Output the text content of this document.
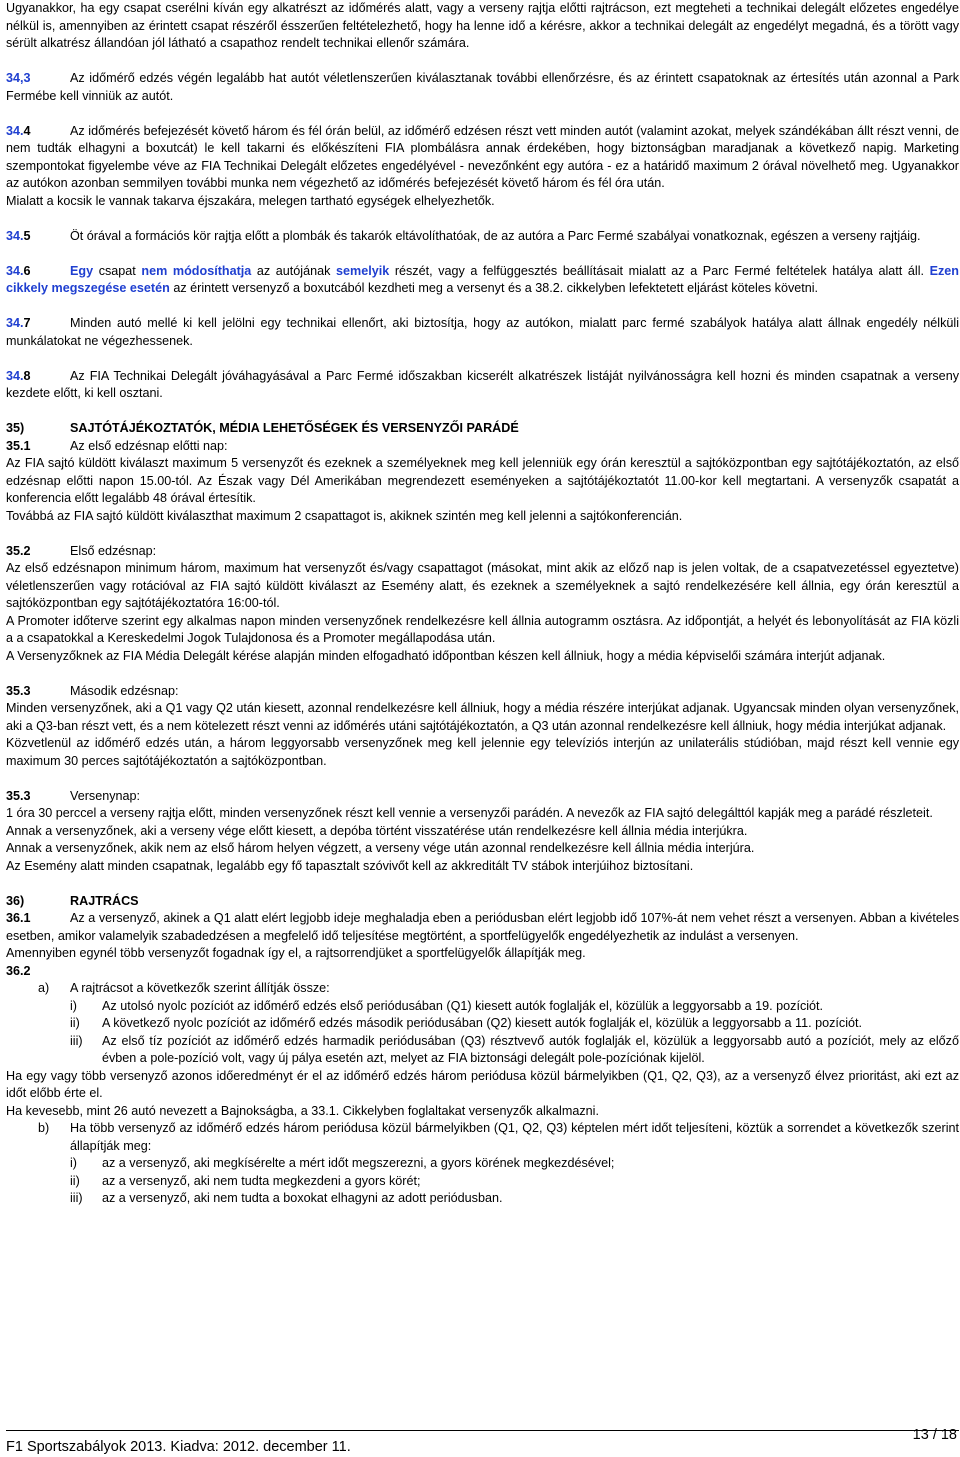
Ugyanakkor, ha egy csapat cserélni kíván egy alkatrészt az időmérés alatt, vagy a verseny rajtja előtti rajtrácson, ezt megteheti a technikai delegált előzetes engedélye nélkül is, amennyiben az érintett csapat részéről ésszerűen feltételezhető, hogy ha lenne idő a kérésre, akkor a technikai delegált az engedélyt megadná, és a törött vagy sérült alkatrész állandóan jól látható a csapathoz rendelt technikai ellenőr számára.

34,3	Az időmérő edzés végén legalább hat autót véletlenszerűen kiválasztanak további ellenőrzésre, és az érintett csapatoknak az értesítés után azonnal a Park Fermébe kell vinniük az autót.

34.4	Az időmérés befejezését követő három és fél órán belül, az időmérő edzésen részt vett minden autót (valamint azokat, melyek szándékában állt részt venni, de nem tudták elhagyni a boxutcát) le kell takarni és előkészíteni FIA plombálásra annak érdekében, hogy biztonságban maradjanak a következő napig. Marketing szempontokat figyelembe véve az FIA Technikai Delegált előzetes engedélyével - nevezőnként egy autóra - ez a határidő maximum 2 órával növelhető meg. Ugyanakkor az autókon azonban semmilyen további munka nem végezhető az időmérés befejezését követő három és fél óra után.

Mialatt a kocsik le vannak takarva éjszakára, melegen tartható egységek elhelyezhetők.

34.5	Öt órával a formációs kör rajtja előtt a plombák és takarók eltávolíthatóak, de az autóra a Parc Fermé szabályai vonatkoznak, egészen a verseny rajtjáig.

34.6	Egy csapat nem módosíthatja az autójának semelyik részét, vagy a felfüggesztés beállításait mialatt az a Parc Fermé feltételek hatálya alatt áll. Ezen cikkely megszegése esetén az érintett versenyző a boxutcából kezdheti meg a versenyt és a 38.2. cikkelyben lefektetett eljárást köteles követni.

34.7	Minden autó mellé ki kell jelölni egy technikai ellenőrt, aki biztosítja, hogy az autókon, mialatt parc fermé szabályok hatálya alatt állnak engedély nélküli munkálatokat ne végezhessenek.

34.8	Az FIA Technikai Delegált jóváhagyásával a Parc Fermé időszakban kicserélt alkatrészek listáját nyilvánosságra kell hozni és minden csapatnak a verseny kezdete előtt, ki kell osztani.

35)	SAJTÓTÁJÉKOZTATÓK, MÉDIA LEHETŐSÉGEK ÉS VERSENYZŐI PARÁDÉ

35.1	Az első edzésnap előtti nap:

Az FIA sajtó küldött kiválaszt maximum 5 versenyzőt és ezeknek a személyeknek meg kell jelenniük egy órán keresztül a sajtóközpontban egy sajtótájékoztatón, az első edzésnap előtti napon 15.00-tól. Az Észak vagy Dél Amerikában megrendezett eseményeken a sajtótájékoztatót 11.00-kor kell megtartani. A versenyzők csapatát a konferencia előtt legalább 48 órával értesítik.

Továbbá az FIA sajtó küldött kiválaszthat maximum 2 csapattagot is, akiknek szintén meg kell jelenni a sajtókonferencián.

35.2	Első edzésnap:

Az első edzésnapon minimum három, maximum hat versenyzőt és/vagy csapattagot (másokat, mint akik az előző nap is jelen voltak, de a csapatvezetéssel egyeztetve) véletlenszerűen vagy rotációval az FIA sajtó küldött kiválaszt az Esemény alatt, és ezeknek a személyeknek a sajtó rendelkezésére kell állnia, egy órán keresztül a sajtóközpontban egy sajtótájékoztatóra 16:00-tól.

A Promoter időterve szerint egy alkalmas napon minden versenyzőnek rendelkezésre kell állnia autogramm osztásra. Az időpontját, a helyét és lebonyolítását az FIA közli a a csapatokkal a Kereskedelmi Jogok Tulajdonosa és a Promoter megállapodása után.

A Versenyzőknek az FIA Média Delegált kérése alapján minden elfogadható időpontban készen kell állniuk, hogy a média képviselői számára interjút adjanak.

35.3	Második edzésnap:

Minden versenyzőnek, aki a Q1 vagy Q2 után kiesett, azonnal rendelkezésre kell állniuk, hogy a média részére interjúkat adjanak. Ugyancsak minden olyan versenyzőnek, aki a Q3-ban részt vett, és a nem kötelezett részt venni az időmérés utáni sajtótájékoztatón, a Q3 után azonnal rendelkezésre kell állniuk, hogy média interjúkat adjanak.

Közvetlenül az időmérő edzés után, a három leggyorsabb versenyzőnek meg kell jelennie egy televíziós interjún az unilaterális stúdióban, majd részt kell vennie egy maximum 30 perces sajtótájékoztatón a sajtóközpontban.

35.3	Versenynap:

1 óra 30 perccel a verseny rajtja előtt, minden versenyzőnek részt kell vennie a versenyzői parádén. A nevezők az FIA sajtó delegálttól kapják meg a parádé részleteit.

Annak a versenyzőnek, aki a verseny vége előtt kiesett, a depóba történt visszatérése után rendelkezésre kell állnia média interjúkra.

Annak a versenyzőnek, akik nem az első három helyen végzett, a verseny vége után azonnal rendelkezésre kell állnia média interjúra.

Az Esemény alatt minden csapatnak, legalább egy fő tapasztalt szóvivőt kell az akkreditált TV stábok interjúihoz biztosítani.

36)	RAJTRÁCS

36.1	Az a versenyző, akinek a Q1 alatt elért legjobb ideje meghaladja eben a periódusban elért legjobb idő 107%-át nem vehet részt a versenyen. Abban a kivételes esetben, amikor valamelyik szabadedzésen a megfelelő idő teljesítése megtörtént, a sportfelügyelők engedélyezhetik az indulást a versenyen.

Amennyiben egynél több versenyzőt fogadnak így el, a rajtsorrendjüket a sportfelügyelők állapítják meg.

36.2

a)	A rajtrácsot a következők szerint állítják össze:
i)	Az utolsó nyolc pozíciót az időmérő edzés első periódusában (Q1) kiesett autók foglalják el, közülük a leggyorsabb a 19. pozíciót.
ii)	A következő nyolc pozíciót az időmérő edzés második periódusában (Q2) kiesett autók foglalják el, közülük a leggyorsabb a 11. pozíciót.
iii)	Az első tíz pozíciót az időmérő edzés harmadik periódusában (Q3) résztvevő autók foglalják el, közülük a leggyorsabb autó a pozíciót, mely az előző évben a pole-pozíció volt, vagy új pálya esetén azt, melyet az FIA biztonsági delegált pole-pozíciónak kijelöl.

Ha egy vagy több versenyző azonos időeredményt ér el az időmérő edzés három periódusa közül bármelyikben (Q1, Q2, Q3), az a versenyző élvez prioritást, aki ezt az időt előbb érte el.

Ha kevesebb, mint 26 autó nevezett a Bajnokságba, a 33.1. Cikkelyben foglaltakat versenyzők alkalmazni.

b)	Ha több versenyző az időmérő edzés három periódusa közül bármelyikben (Q1, Q2, Q3) képtelen mért időt teljesíteni, köztük a sorrendet a következők szerint állapítják meg:
i)	az a versenyző, aki megkísérelte a mért időt megszerezni, a gyors körének megkezdésével;
ii)	az a versenyző, aki nem tudta megkezdeni a gyors körét;
iii)	az a versenyző, aki nem tudta a boxokat elhagyni az adott periódusban.
F1 Sportszabályok 2013. Kiadva: 2012. december 11.
13 / 18
